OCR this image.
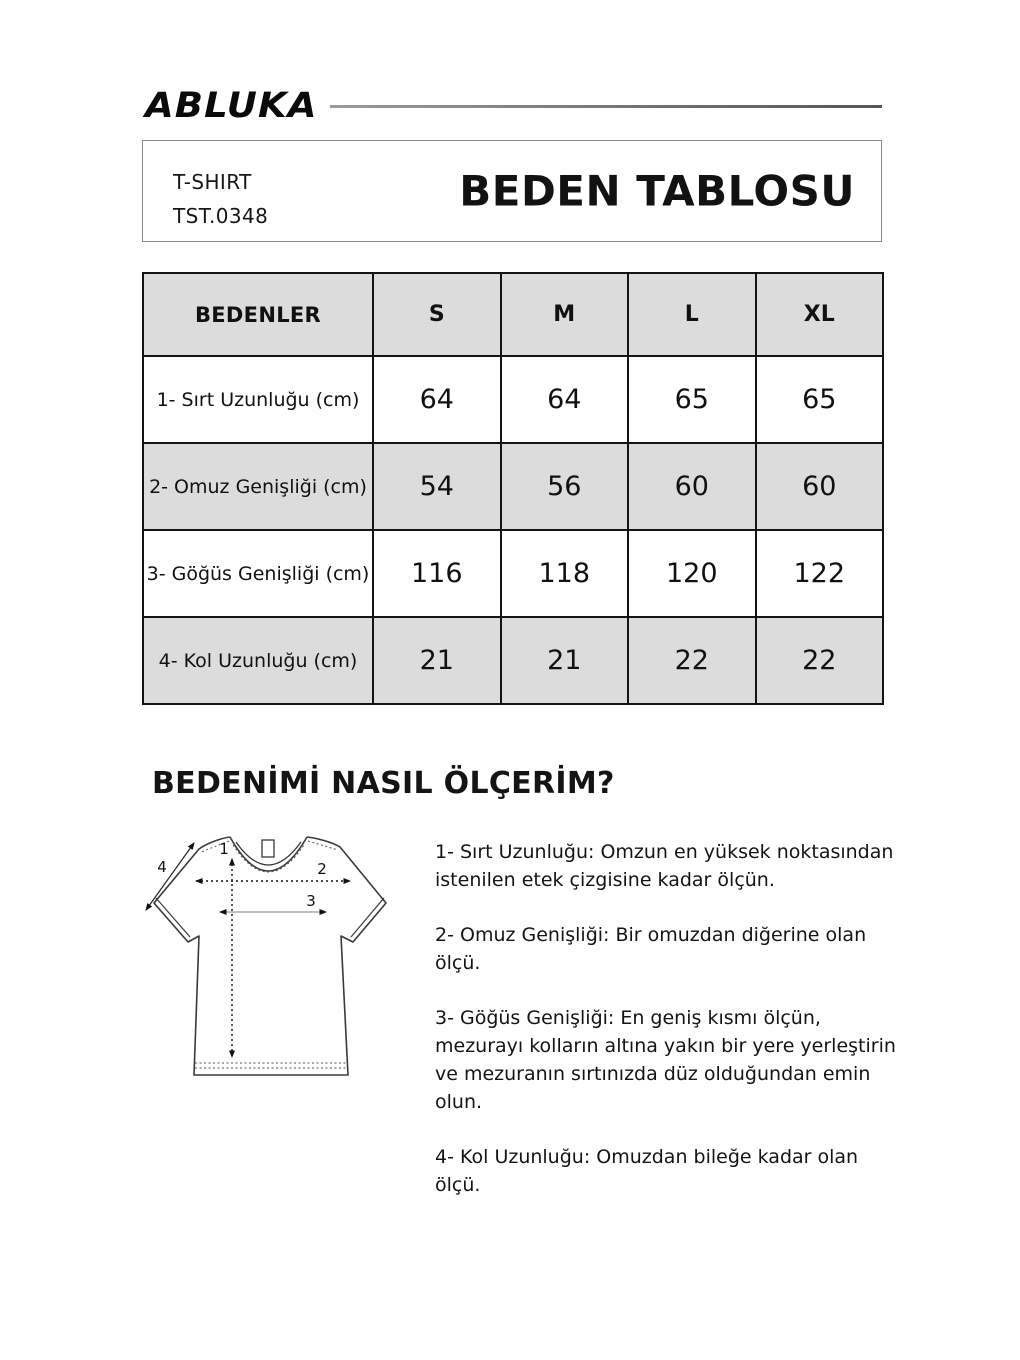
ABLUKA
T-SHIRT
TST.0348
BEDEN TABLOSU
BEDENLER	S	M	L	XL
1- Sırt Uzunluğu (cm)	64	64	65	65
2- Omuz Genişliği (cm)	54	56	60	60
3- Göğüs Genişliği (cm)	116	118	120	122
4- Kol Uzunluğu (cm)	21	21	22	22
BEDENİMİ NASIL ÖLÇERİM?
1
2
3
4

1- Sırt Uzunluğu: Omzun en yüksek noktasından istenilen etek çizgisine kadar ölçün.

2- Omuz Genişliği: Bir omuzdan diğerine olan ölçü.

3- Göğüs Genişliği: En geniş kısmı ölçün, mezurayı kolların altına yakın bir yere yerleştirin ve mezuranın sırtınızda düz olduğundan emin olun.

4- Kol Uzunluğu: Omuzdan bileğe kadar olan ölçü.
